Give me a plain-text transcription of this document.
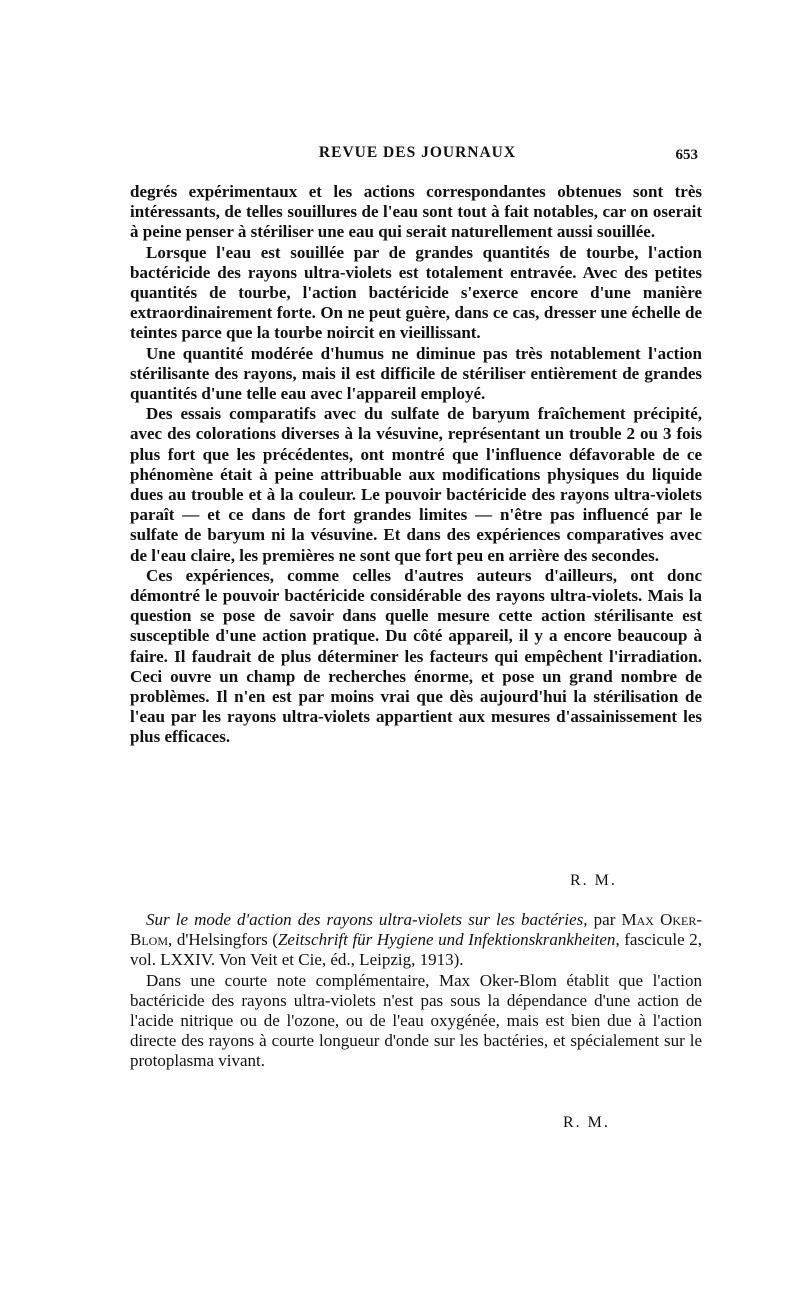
REVUE DES JOURNAUX	653

degrés expérimentaux et les actions correspondantes obtenues sont très intéressants, de telles souillures de l'eau sont tout à fait notables, car on oserait à peine penser à stériliser une eau qui serait naturellement aussi souillée.

Lorsque l'eau est souillée par de grandes quantités de tourbe, l'action bactéricide des rayons ultra-violets est totalement entravée. Avec des petites quantités de tourbe, l'action bactéricide s'exerce encore d'une manière extraordinairement forte. On ne peut guère, dans ce cas, dresser une échelle de teintes parce que la tourbe noircit en vieillissant.

Une quantité modérée d'humus ne diminue pas très notablement l'action stérilisante des rayons, mais il est difficile de stériliser entièrement de grandes quantités d'une telle eau avec l'appareil employé.

Des essais comparatifs avec du sulfate de baryum fraîchement précipité, avec des colorations diverses à la vésuvine, représentant un trouble 2 ou 3 fois plus fort que les précédentes, ont montré que l'influence défavorable de ce phénomène était à peine attribuable aux modifications physiques du liquide dues au trouble et à la couleur. Le pouvoir bactéricide des rayons ultra-violets paraît — et ce dans de fort grandes limites — n'être pas influencé par le sulfate de baryum ni la vésuvine. Et dans des expériences comparatives avec de l'eau claire, les premières ne sont que fort peu en arrière des secondes.

Ces expériences, comme celles d'autres auteurs d'ailleurs, ont donc démontré le pouvoir bactéricide considérable des rayons ultra-violets. Mais la question se pose de savoir dans quelle mesure cette action stérilisante est susceptible d'une action pratique. Du côté appareil, il y a encore beaucoup à faire. Il faudrait de plus déterminer les facteurs qui empêchent l'irradiation. Ceci ouvre un champ de recherches énorme, et pose un grand nombre de problèmes. Il n'en est par moins vrai que dès aujourd'hui la stérilisation de l'eau par les rayons ultra-violets appartient aux mesures d'assainissement les plus efficaces.

R. M.

Sur le mode d'action des rayons ultra-violets sur les bactéries, par Max Oker-Blom, d'Helsingfors (Zeitschrift für Hygiene und Infektionskrankheiten, fascicule 2, vol. LXXIV. Von Veit et Cie, éd., Leipzig, 1913).

Dans une courte note complémentaire, Max Oker-Blom établit que l'action bactéricide des rayons ultra-violets n'est pas sous la dépendance d'une action de l'acide nitrique ou de l'ozone, ou de l'eau oxygénée, mais est bien due à l'action directe des rayons à courte longueur d'onde sur les bactéries, et spécialement sur le protoplasma vivant.

R. M.
